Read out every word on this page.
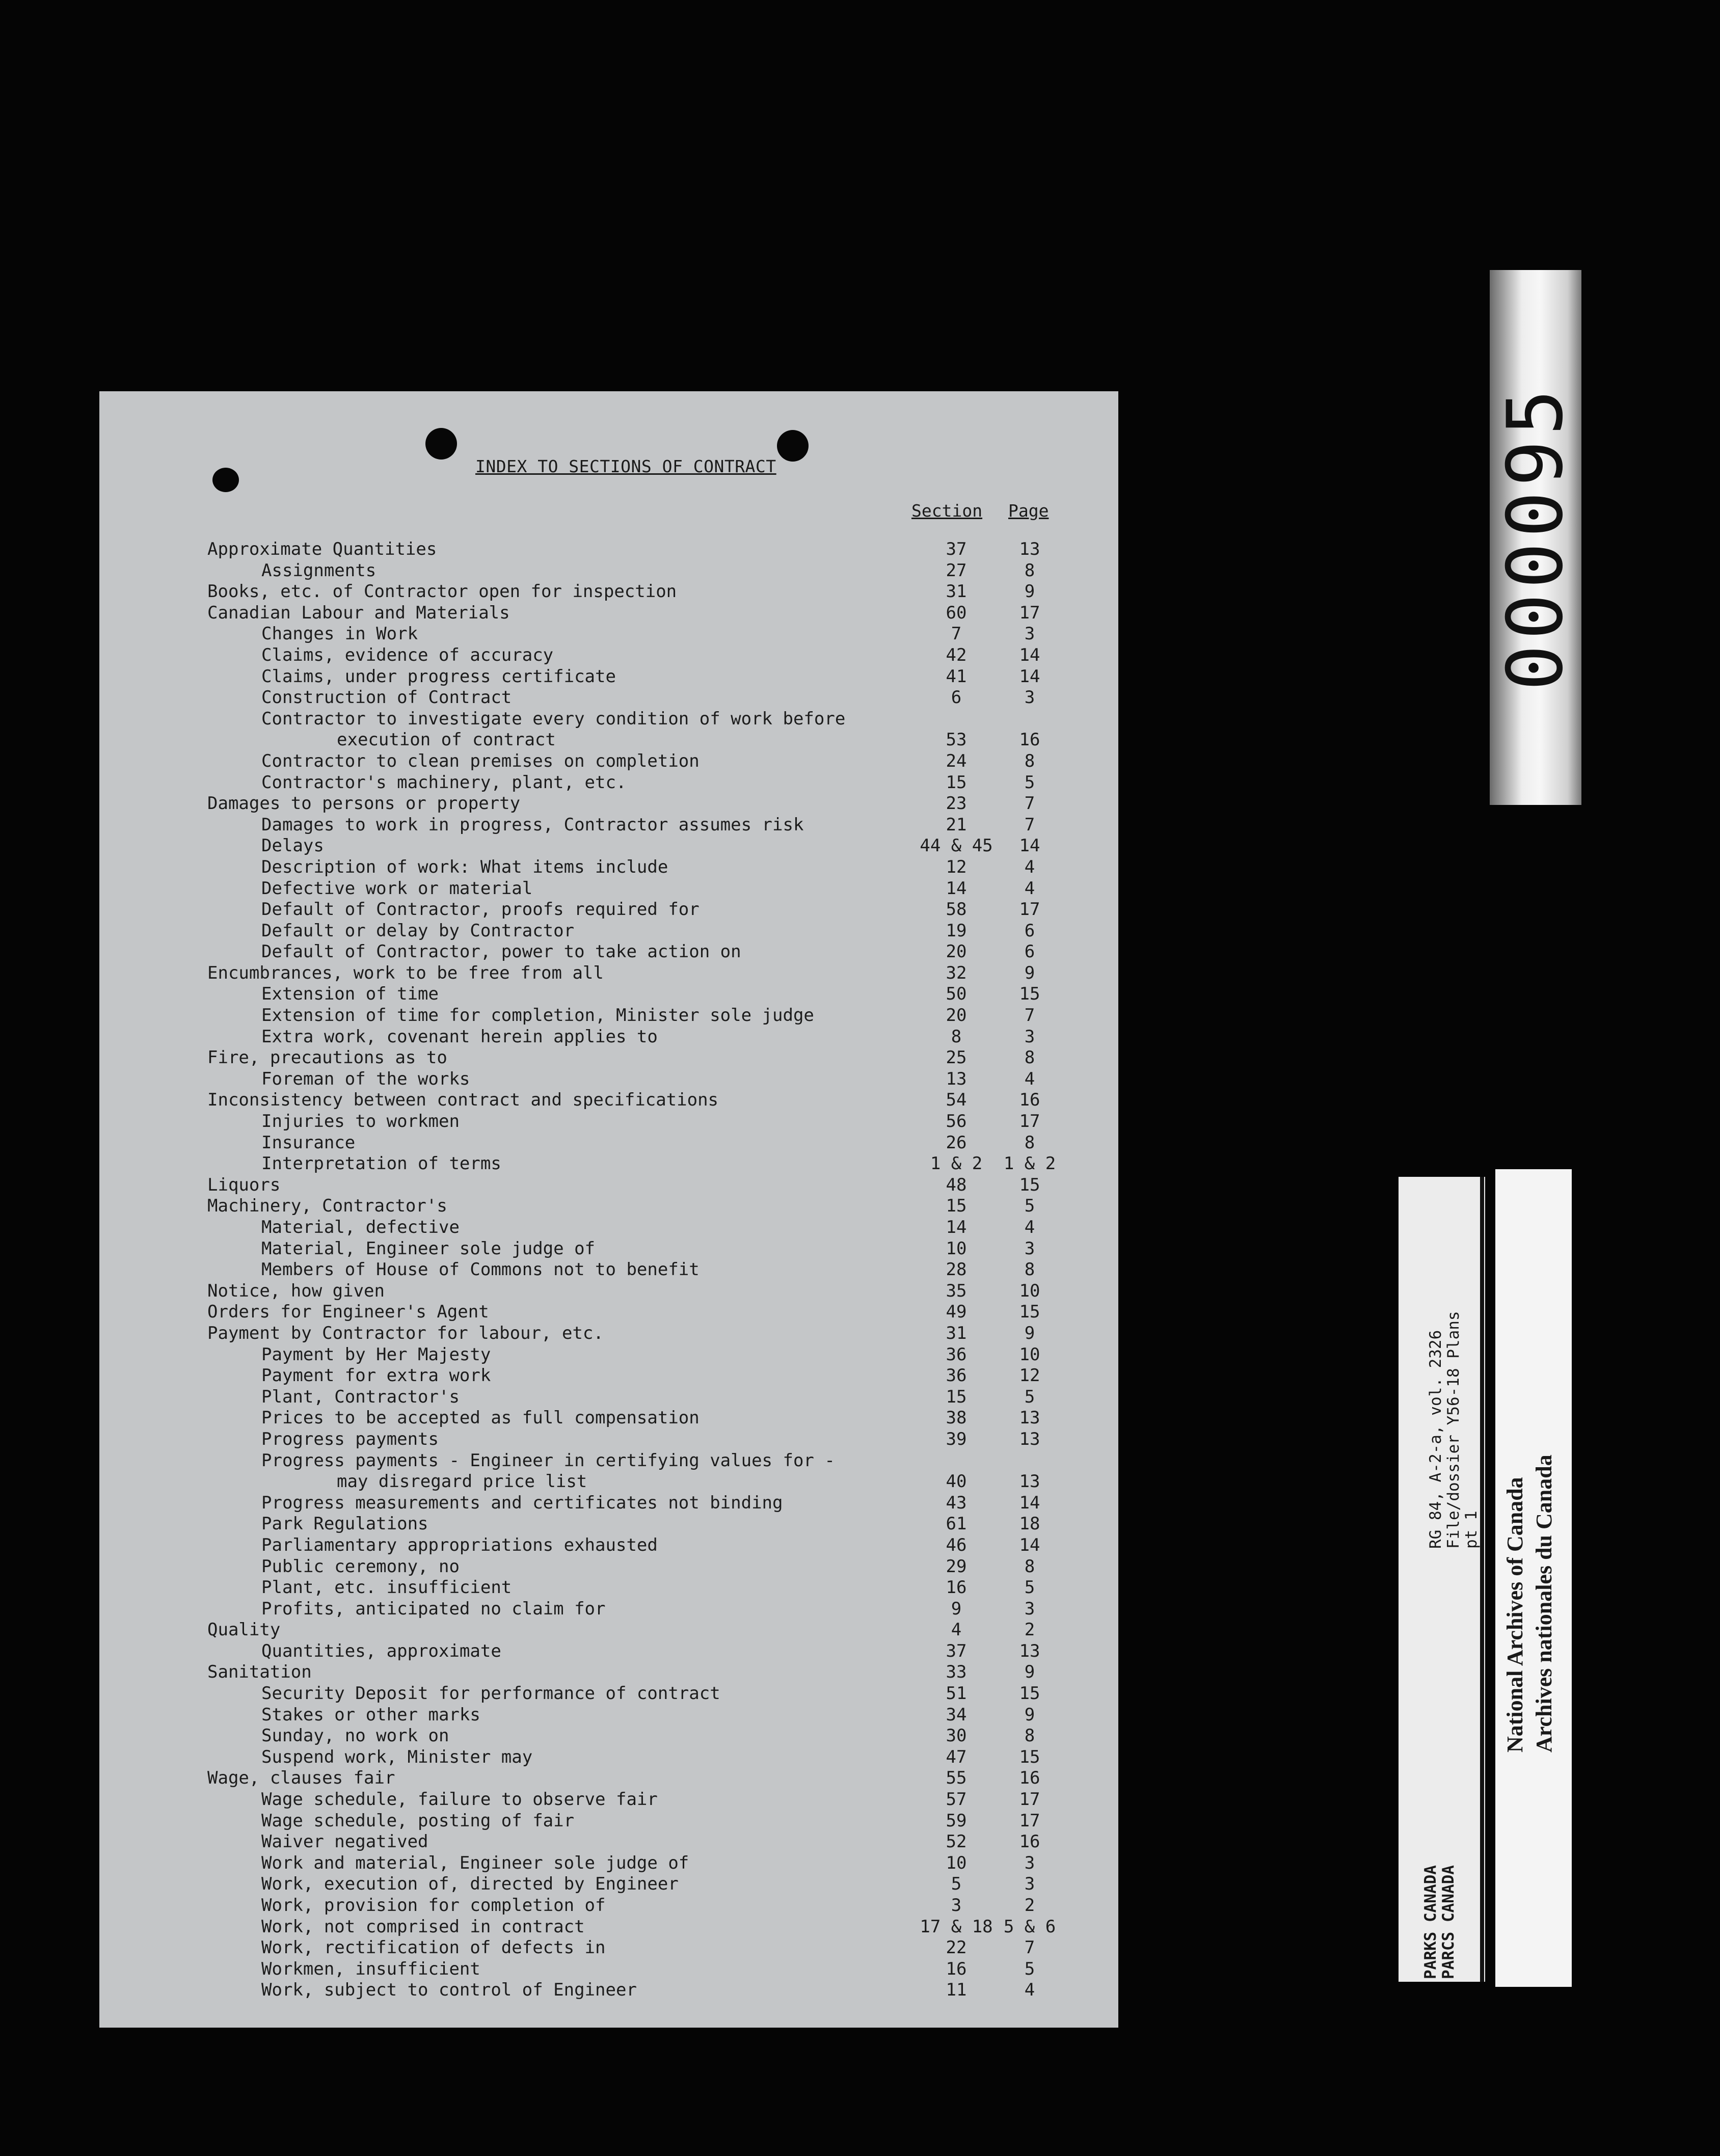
INDEX TO SECTIONS OF CONTRACT
Section Page
Approximate Quantities	37	13
Assignments	27	8
Books, etc. of Contractor open for inspection	31	9
Canadian Labour and Materials	60	17
Changes in Work	7	3
Claims, evidence of accuracy	42	14
Claims, under progress certificate	41	14
Construction of Contract	6	3
Contractor to investigate every condition of work before
execution of contract	53	16
Contractor to clean premises on completion	24	8
Contractor's machinery, plant, etc.	15	5
Damages to persons or property	23	7
Damages to work in progress, Contractor assumes risk	21	7
Delays	44 & 45	14
Description of work: What items include	12	4
Defective work or material	14	4
Default of Contractor, proofs required for	58	17
Default or delay by Contractor	19	6
Default of Contractor, power to take action on	20	6
Encumbrances, work to be free from all	32	9
Extension of time	50	15
Extension of time for completion, Minister sole judge	20	7
Extra work, covenant herein applies to	8	3
Fire, precautions as to	25	8
Foreman of the works	13	4
Inconsistency between contract and specifications	54	16
Injuries to workmen	56	17
Insurance	26	8
Interpretation of terms	1 & 2	1 & 2
Liquors	48	15
Machinery, Contractor's	15	5
Material, defective	14	4
Material, Engineer sole judge of	10	3
Members of House of Commons not to benefit	28	8
Notice, how given	35	10
Orders for Engineer's Agent	49	15
Payment by Contractor for labour, etc.	31	9
Payment by Her Majesty	36	10
Payment for extra work	36	12
Plant, Contractor's	15	5
Prices to be accepted as full compensation	38	13
Progress payments	39	13
Progress payments - Engineer in certifying values for -
may disregard price list	40	13
Progress measurements and certificates not binding	43	14
Park Regulations	61	18
Parliamentary appropriations exhausted	46	14
Public ceremony, no	29	8
Plant, etc. insufficient	16	5
Profits, anticipated no claim for	9	3
Quality	4	2
Quantities, approximate	37	13
Sanitation	33	9
Security Deposit for performance of contract	51	15
Stakes or other marks	34	9
Sunday, no work on	30	8
Suspend work, Minister may	47	15
Wage, clauses fair	55	16
Wage schedule, failure to observe fair	57	17
Wage schedule, posting of fair	59	17
Waiver negatived	52	16
Work and material, Engineer sole judge of	10	3
Work, execution of, directed by Engineer	5	3
Work, provision for completion of	3	2
Work, not comprised in contract	17 & 18 5 & 6
Work, rectification of defects in	22	7
Workmen, insufficient	16	5
Work, subject to control of Engineer	11	4
000095
RG 84, A-2-a, vol. 2326 File/dossier Y56-18 Plans pt 1
PARKS CANADA PARCS CANADA
National Archives of Canada Archives nationales du Canada
